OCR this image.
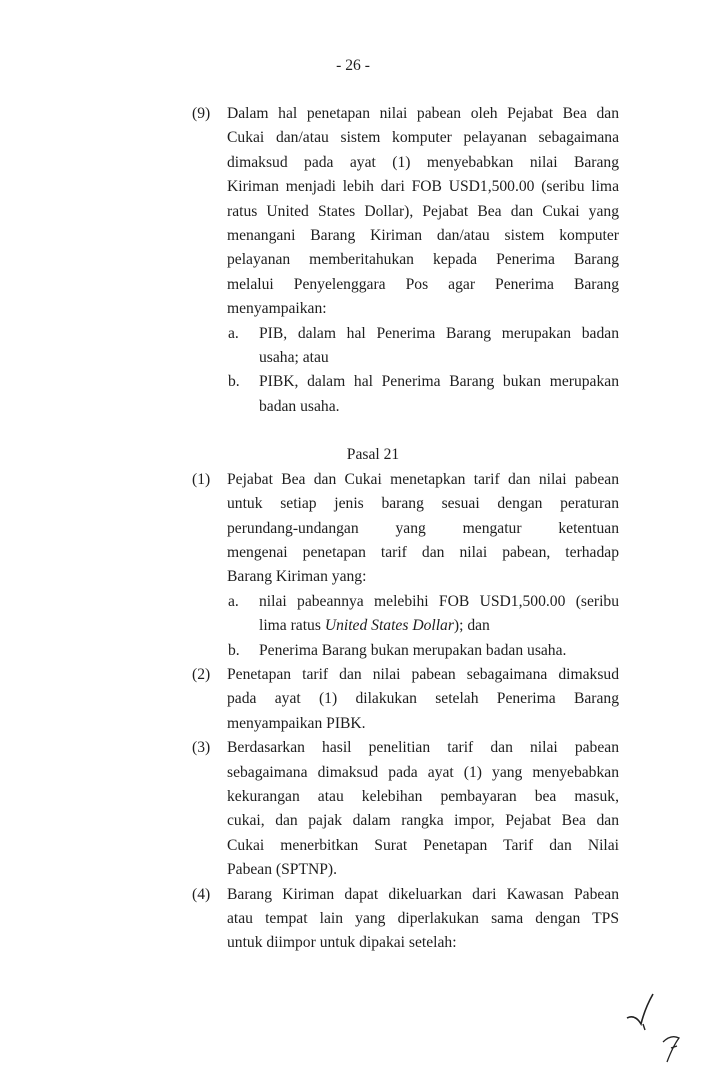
- 26 -
(9) Dalam hal penetapan nilai pabean oleh Pejabat Bea dan
Cukai dan/atau sistem komputer pelayanan sebagaimana
dimaksud pada ayat (1) menyebabkan nilai Barang
Kiriman menjadi lebih dari FOB USD1,500.00 (seribu lima
ratus United States Dollar), Pejabat Bea dan Cukai yang
menangani Barang Kiriman dan/atau sistem komputer
pelayanan memberitahukan kepada Penerima Barang
melalui Penyelenggara Pos agar Penerima Barang
menyampaikan:
a. PIB, dalam hal Penerima Barang merupakan badan
usaha; atau
b. PIBK, dalam hal Penerima Barang bukan merupakan
badan usaha.
Pasal 21
(1) Pejabat Bea dan Cukai menetapkan tarif dan nilai pabean
untuk setiap jenis barang sesuai dengan peraturan
perundang-undangan yang mengatur ketentuan
mengenai penetapan tarif dan nilai pabean, terhadap
Barang Kiriman yang:
a. nilai pabeannya melebihi FOB USD1,500.00 (seribu
lima ratus United States Dollar); dan
b. Penerima Barang bukan merupakan badan usaha.
(2) Penetapan tarif dan nilai pabean sebagaimana dimaksud
pada ayat (1) dilakukan setelah Penerima Barang
menyampaikan PIBK.
(3) Berdasarkan hasil penelitian tarif dan nilai pabean
sebagaimana dimaksud pada ayat (1) yang menyebabkan
kekurangan atau kelebihan pembayaran bea masuk,
cukai, dan pajak dalam rangka impor, Pejabat Bea dan
Cukai menerbitkan Surat Penetapan Tarif dan Nilai
Pabean (SPTNP).
(4) Barang Kiriman dapat dikeluarkan dari Kawasan Pabean
atau tempat lain yang diperlakukan sama dengan TPS
untuk diimpor untuk dipakai setelah:
